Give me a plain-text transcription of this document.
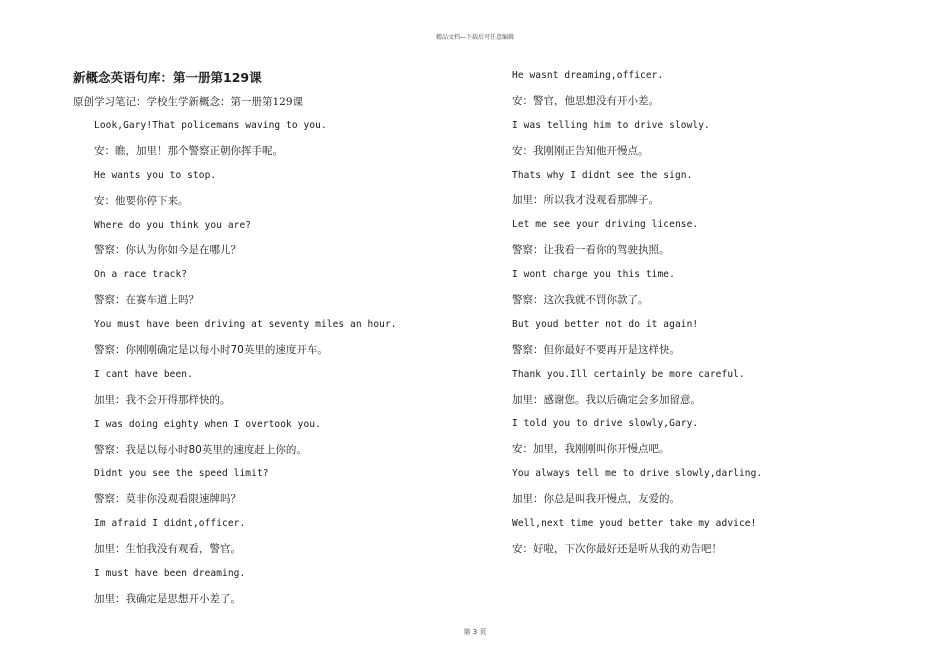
精品文档—下载后可任意编辑
新概念英语句库：第一册第129课
原创学习笔记：学校生学新概念：第一册第129课
Look,Gary!That policemans waving to you.
安：瞧，加里！那个警察正朝你挥手呢。
He wants you to stop.
安：他要你停下来。
Where do you think you are?
警察：你认为你如今是在哪儿？
On a race track?
警察：在赛车道上吗？
You must have been driving at seventy miles an hour.
警察：你刚刚确定是以每小时70英里的速度开车。
I cant have been.
加里：我不会开得那样快的。
I was doing eighty when I overtook you.
警察：我是以每小时80英里的速度赶上你的。
Didnt you see the speed limit?
警察：莫非你没观看限速牌吗？
Im afraid I didnt,officer.
加里：生怕我没有观看，警官。
I must have been dreaming.
加里：我确定是思想开小差了。
He wasnt dreaming,officer.
安：警官，他思想没有开小差。
I was telling him to drive slowly.
安：我刚刚正告知他开慢点。
Thats why I didnt see the sign.
加里：所以我才没观看那牌子。
Let me see your driving license.
警察：让我看一看你的驾驶执照。
I wont charge you this time.
警察：这次我就不罚你款了。
But youd better not do it again!
警察：但你最好不要再开是这样快。
Thank you.Ill certainly be more careful.
加里：感谢您。我以后确定会多加留意。
I told you to drive slowly,Gary.
安：加里，我刚刚叫你开慢点吧。
You always tell me to drive slowly,darling.
加里：你总是叫我开慢点，友爱的。
Well,next time youd better take my advice!
安：好啦，下次你最好还是听从我的劝告吧！
第 3 页
